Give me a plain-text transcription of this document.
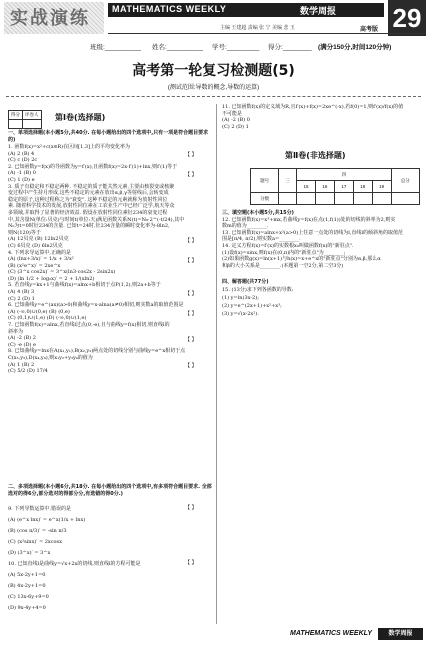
实战演练 MATHEMATICS WEEKLY	数学周报 29
主编 王建超 责编 张 宁 美编 悲 玉	高考版
班级:__________ 姓名:__________ 学号:_________ 得分:________ (满分150分,时间120分钟)
高考第一轮复习检测题(5)
(测试范围:导数的概念,导数的运算)
得分	评卷人
	第Ⅰ卷(选择题)

一、单项选择题(本小题5分,共40分. 在每小题给出的四个选项中,只有一项是符合题目要求的)

1. 函数f(x)=x²+c(x∈R)在区间[1,3]上的平均变化率为

(A) 2 (B) 4

(C) c (D) 2c

2. 已知函数y=f(x)的导函数为y=f′(x),且函数f(x)=2x·f′(1)+lnx,则f′(1)等于

(A) -1 (B) 0

(C) 1 (D) e

3. 质子有稳定和不稳定两种. 不稳定的质子能关然元素,主要由核裂变或核聚

变过程中产生持月形成,这些不稳定的元素在放出α,β,γ等射线后,会转变成

稳定的原子,这种过程称之为"衰变". 这种不稳定的元素就称为放射性同位

素. 随着科学技术的发展,放射性同位素在工农业生产中已经广泛学,航天等众

多领域,并取得了显著的经济效益. 假设在放射性同位素钍234的衰变过程

中,其含量N(单位:贝克)与时间t(单位:天)满足函数关系N(t)=N₀·2^(-t/24),其中

N₀为t=0时钍234的含量. 已知t=24时,钍234含量的瞬时变化率为-8ln2,

则N(120)等于

(A) 12贝克 (B) 12ln2贝克

(C) 6贝克 (D) 6ln2贝克

4. 下列求导运算中,正确的是

(A) (lnx+3/x)′ = 1/x + 3/x²

(B) (x²e^x)′ = 2xe^x

(C) (3^x cos2x)′ = 3^x(ln3·cos2x - 2sin2x)

(D) (ln 1/2 + log₂x)′ = 2 + 1/(xln2)

5. 若直线y=kx+1与曲线f(x)=alnx+b相切于点P(1,2),则2a+b等于

(A) 4 (B) 3

(C) 2 (D) 1

6. 已知曲线y=e^(ax)(a>0)和曲线y=x-alna(a≠0)相切,则实数a的取值范围是

(A) (-∞,0)∪(0,e) (B) (0,e)

(C) (0,1)∪(1,e) (D) (-∞,0)∪(1,e)

7. 已知函数f(x)=alnx,若直线l过点(0,-e),且与曲线y=f(x)相切,则直线l的

斜率为

(A) -2 (B) 2

(C) -e (D) e

8. 已知曲线y=lnx在A(x₁,y₁),B(x₂,y₂)两点处的切线分别与曲线y=e^x相切于点

C(x₃,y₃),D(x₄,y₄),则x₁y₂+y₃y₄的值为

(A) 1 (B) 2

(C) 5/2 (D) 17/4

二、多项选择题(本小题6分,共18分. 在每小题给出的四个选项中,有多项符合题目要求. 全部选对的得6分,部分选对的得部分分,有选错的得0分.)

9. 下列导数运算中,错误的是

(A) (e^x lnx)′ = e^x(1/x + lnx)

(B) (cos π/3)′ = -sin π/3

(C) (x²sinx)′ = 2xcosx

(D) (3^x)′ = 3^x

10. 已知直线l是曲线y=√x+2x的切线,则直线l的方程可能是

(A) 5x-2y+1=0

(B) 4x-2y+1=0

(C) 13x-6y+9=0

(D) 9x-4y+4=0

【 】
【 】
【 】
【 】
【 】
【 】
【 】
【 】
【 】
【 】

11. 已知函数f(x)的定义域为R,且f′(x)+f(x)=2xe^(-x),若f(0)=1,则f′(x)/f(x)的值

不可能是

(A) -2 (B) 0

(C) 2 (D) 1

第Ⅱ卷(非选择题)
题号	三	四					总分
		15	16	17	18	19	
分数							

三、填空题(本小题5分,共15分)

12. 已知函数f(x)=x³+mx,若曲线y=f(x)在点(1,f(1))处的切线的斜率为2,则实

数m的值为________.

13. 已知函数f(x)=alnx+x²(a>0)上任意一点处的切线为l,直线l的倾斜角的取值范

围是[π/4, π/2),则实数a=________.

14. 定义方程f(x)=f′(x)的实数根x₀叫做函数f(x)的"新驻点".

(1)设f(x)=sinx,则f(x)在(0,π)内的"新驻点"为________;

(2)如果函数g(x)=ln(x+1)与h(x)=x+e^x的"新驻点"分别为α,β,那么α

和β的大小关系是________.(本题第一空2分,第二空3分)

四、解答题(共77分)

15. (13分)求下列各函数的导数:

(1) y=ln(3x-2);

(2) y=e^(2x+1)+x²+x³;

(3) y=√(x-2x²).

MATHEMATICS WEEKLY	数学周报
